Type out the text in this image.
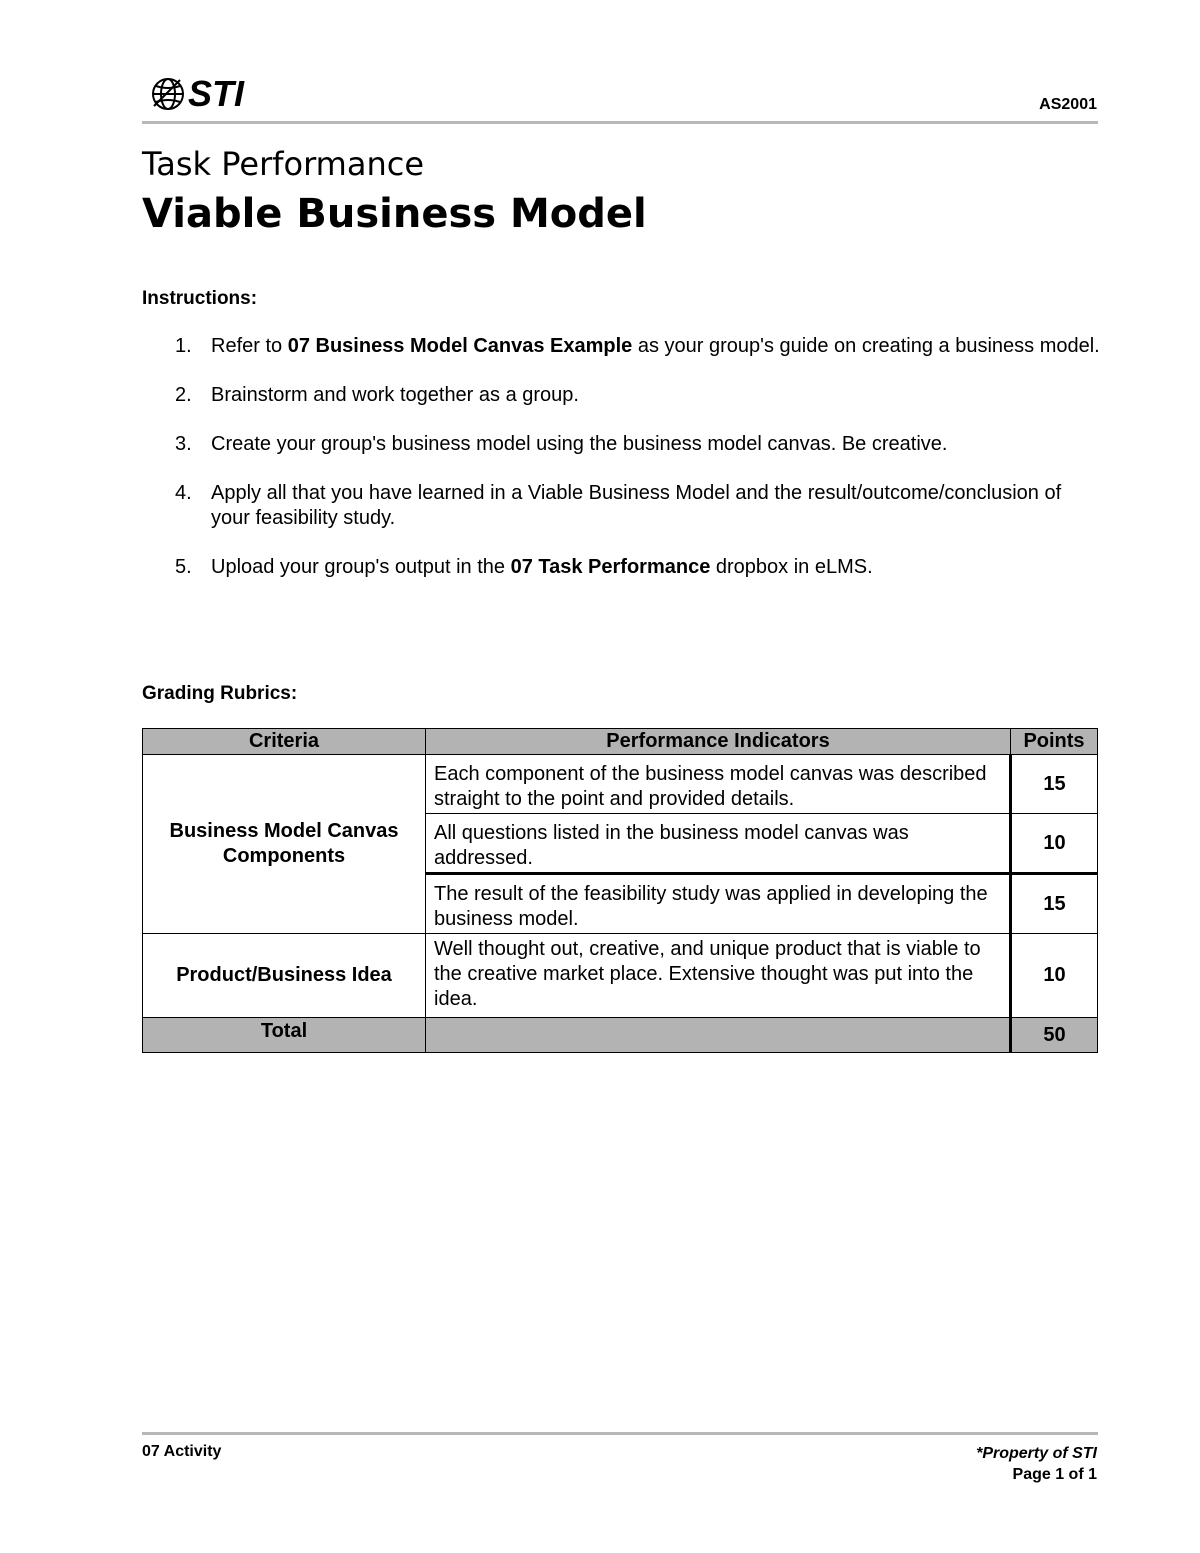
STI	AS2001
Task Performance
Viable Business Model
Instructions:
1. Refer to 07 Business Model Canvas Example as your group's guide on creating a business model.
2. Brainstorm and work together as a group.
3. Create your group's business model using the business model canvas. Be creative.
4. Apply all that you have learned in a Viable Business Model and the result/outcome/conclusion of your feasibility study.
5. Upload your group's output in the 07 Task Performance dropbox in eLMS.
Grading Rubrics:
Criteria	Performance Indicators	Points
Business Model Canvas Components	Each component of the business model canvas was described straight to the point and provided details.	15
	All questions listed in the business model canvas was addressed.	10
	The result of the feasibility study was applied in developing the business model.	15
Product/Business Idea	Well thought out, creative, and unique product that is viable to the creative market place. Extensive thought was put into the idea.	10
Total		50
07 Activity	*Property of STI
Page 1 of 1
